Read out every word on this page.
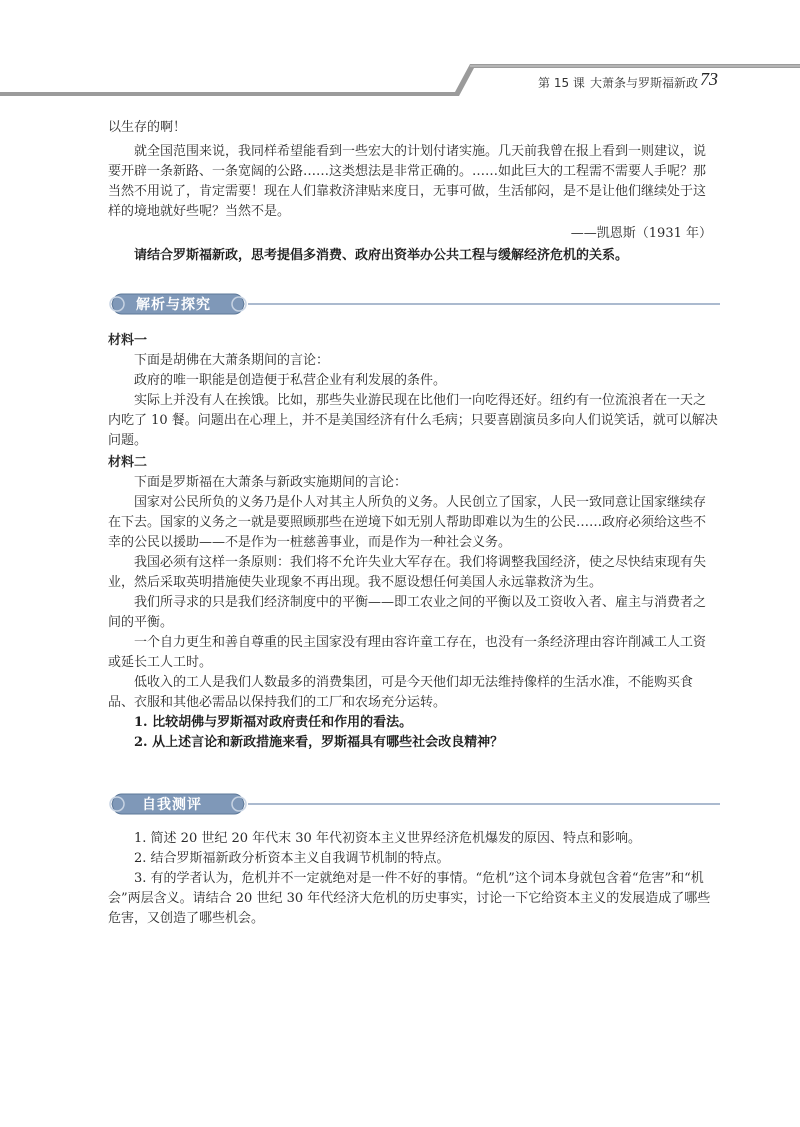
第 15 课 大萧条与罗斯福新政 73

以生存的啊！

就全国范围来说，我同样希望能看到一些宏大的计划付诸实施。几天前我曾在报上看到一则建议，说要开辟一条新路、一条宽阔的公路……这类想法是非常正确的。……如此巨大的工程需不需要人手呢？那当然不用说了，肯定需要！现在人们靠救济津贴来度日，无事可做，生活郁闷，是不是让他们继续处于这样的境地就好些呢？当然不是。

——凯恩斯（1931 年）

请结合罗斯福新政，思考提倡多消费、政府出资举办公共工程与缓解经济危机的关系。

解析与探究

材料一

下面是胡佛在大萧条期间的言论：

政府的唯一职能是创造便于私营企业有利发展的条件。

实际上并没有人在挨饿。比如，那些失业游民现在比他们一向吃得还好。纽约有一位流浪者在一天之内吃了 10 餐。问题出在心理上，并不是美国经济有什么毛病；只要喜剧演员多向人们说笑话，就可以解决问题。

材料二

下面是罗斯福在大萧条与新政实施期间的言论：

国家对公民所负的义务乃是仆人对其主人所负的义务。人民创立了国家，人民一致同意让国家继续存在下去。国家的义务之一就是要照顾那些在逆境下如无别人帮助即难以为生的公民……政府必须给这些不幸的公民以援助——不是作为一桩慈善事业，而是作为一种社会义务。

我国必须有这样一条原则：我们将不允许失业大军存在。我们将调整我国经济，使之尽快结束现有失业，然后采取英明措施使失业现象不再出现。我不愿设想任何美国人永远靠救济为生。

我们所寻求的只是我们经济制度中的平衡——即工农业之间的平衡以及工资收入者、雇主与消费者之间的平衡。

一个自力更生和善自尊重的民主国家没有理由容许童工存在，也没有一条经济理由容许削减工人工资或延长工人工时。

低收入的工人是我们人数最多的消费集团，可是今天他们却无法维持像样的生活水准，不能购买食品、衣服和其他必需品以保持我们的工厂和农场充分运转。

1. 比较胡佛与罗斯福对政府责任和作用的看法。

2. 从上述言论和新政措施来看，罗斯福具有哪些社会改良精神？

自我测评

1. 简述 20 世纪 20 年代末 30 年代初资本主义世界经济危机爆发的原因、特点和影响。

2. 结合罗斯福新政分析资本主义自我调节机制的特点。

3. 有的学者认为，危机并不一定就绝对是一件不好的事情。“危机”这个词本身就包含着“危害”和“机会”两层含义。请结合 20 世纪 30 年代经济大危机的历史事实，讨论一下它给资本主义的发展造成了哪些危害，又创造了哪些机会。
